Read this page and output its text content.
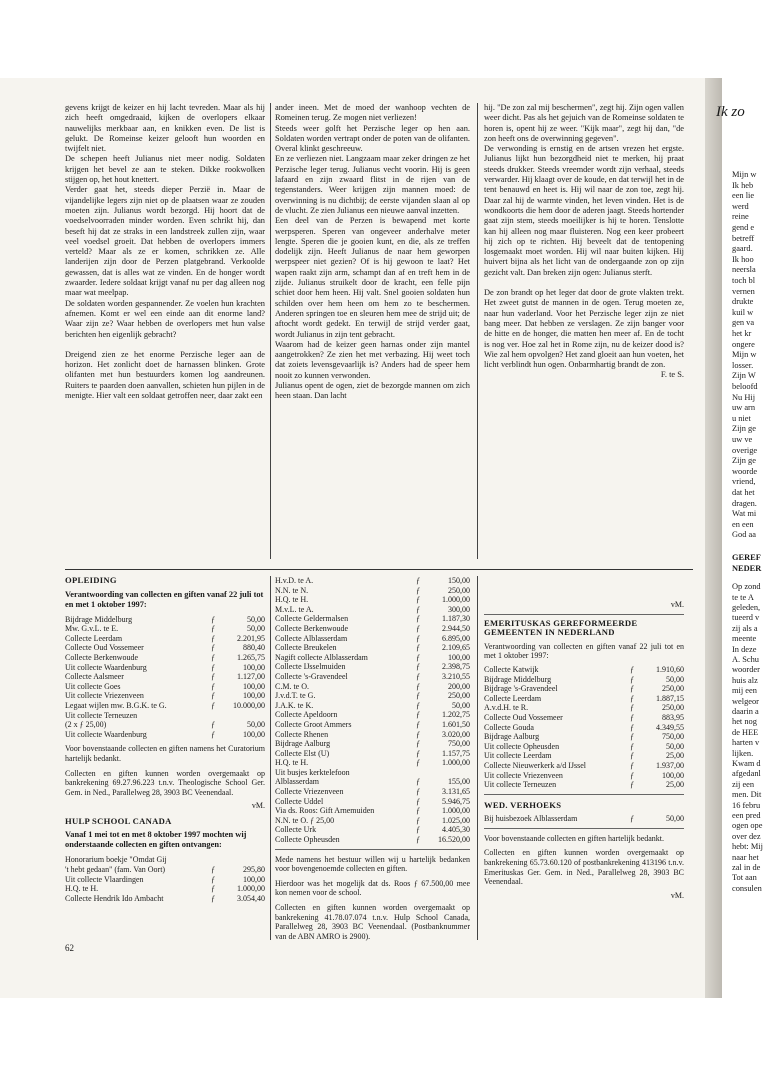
gevens krijgt de keizer en hij lacht tevreden. Maar als hij zich heeft omgedraaid, kijken de overlopers elkaar nauwelijks merkbaar aan, en knikken even. De list is gelukt. De Romeinse keizer gelooft hun woorden en twijfelt niet.

De schepen heeft Julianus niet meer nodig. Soldaten krijgen het bevel ze aan te steken. Dikke rookwolken stijgen op, het hout knettert.

Verder gaat het, steeds dieper Perzië in. Maar de vijandelijke legers zijn niet op de plaatsen waar ze zouden moeten zijn. Julianus wordt bezorgd. Hij hoort dat de voedselvoorraden minder worden. Even schrikt hij, dan beseft hij dat ze straks in een landstreek zullen zijn, waar veel voedsel groeit. Dat hebben de overlopers immers verteld? Maar als ze er komen, schrikken ze. Alle landerijen zijn door de Perzen platgebrand. Verkoolde gewassen, dat is alles wat ze vinden. En de honger wordt zwaarder. Iedere soldaat krijgt vanaf nu per dag alleen nog maar wat meelpap.

De soldaten worden gespannender. Ze voelen hun krachten afnemen. Komt er wel een einde aan dit enorme land? Waar zijn ze? Waar hebben de overlopers met hun valse berichten hen eigenlijk gebracht?

Dreigend zien ze het enorme Perzische leger aan de horizon. Het zonlicht doet de harnassen blinken. Grote olifanten met hun bestuurders komen log aandreunen. Ruiters te paarden doen aanvallen, schieten hun pijlen in de menigte. Hier valt een soldaat getroffen neer, daar zakt een

ander ineen. Met de moed der wanhoop vechten de Romeinen terug. Ze mogen niet verliezen!

Steeds weer golft het Perzische leger op hen aan. Soldaten worden vertrapt onder de poten van de olifanten. Overal klinkt geschreeuw.

En ze verliezen niet. Langzaam maar zeker dringen ze het Perzische leger terug. Julianus vecht voorin. Hij is geen lafaard en zijn zwaard flitst in de rijen van de tegenstanders. Weer krijgen zijn mannen moed: de overwinning is nu dichtbij; de eerste vijanden slaan al op de vlucht. Ze zien Julianus een nieuwe aanval inzetten.

Een deel van de Perzen is bewapend met korte werpsperen. Speren van ongeveer anderhalve meter lengte. Speren die je gooien kunt, en die, als ze treffen dodelijk zijn. Heeft Julianus de naar hem geworpen werpspeer niet gezien? Of is hij gewoon te laat? Het wapen raakt zijn arm, schampt dan af en treft hem in de zijde. Julianus struikelt door de kracht, een felle pijn schiet door hem heen. Hij valt. Snel gooien soldaten hun schilden over hem heen om hem zo te beschermen. Anderen springen toe en sleuren hem mee de strijd uit; de aftocht wordt gedekt. En terwijl de strijd verder gaat, wordt Julianus in zijn tent gebracht.

Waarom had de keizer geen harnas onder zijn mantel aangetrokken? Ze zien het met verbazing. Hij weet toch dat zoiets levensgevaarlijk is? Anders had de speer hem nooit zo kunnen verwonden.

Julianus opent de ogen, ziet de bezorgde mannen om zich heen staan. Dan lacht

hij. "De zon zal mij beschermen", zegt hij. Zijn ogen vallen weer dicht. Pas als het gejuich van de Romeinse soldaten te horen is, opent hij ze weer. "Kijk maar", zegt hij dan, "de zon heeft ons de overwinning gegeven".

De verwonding is ernstig en de artsen vrezen het ergste. Julianus lijkt hun bezorgdheid niet te merken, hij praat steeds drukker. Steeds vreemder wordt zijn verhaal, steeds verwarder. Hij klaagt over de koude, en dat terwijl het in de tent benauwd en heet is. Hij wil naar de zon toe, zegt hij. Daar zal hij de warmte vinden, het leven vinden. Het is de wondkoorts die hem door de aderen jaagt. Steeds hortender gaat zijn stem, steeds moeilijker is hij te horen. Tenslotte kan hij alleen nog maar fluisteren. Nog een keer probeert hij zich op te richten. Hij beveelt dat de tentopening losgemaakt moet worden. Hij wil naar buiten kijken. Hij huivert bijna als het licht van de ondergaande zon op zijn gezicht valt. Dan breken zijn ogen: Julianus sterft.

De zon brandt op het leger dat door de grote vlakten trekt. Het zweet gutst de mannen in de ogen. Terug moeten ze, naar hun vaderland. Voor het Perzische leger zijn ze niet bang meer. Dat hebben ze verslagen. Ze zijn banger voor de hitte en de honger, die matten hen meer af. En de tocht is nog ver. Hoe zal het in Rome zijn, nu de keizer dood is? Wie zal hem opvolgen? Het zand gloeit aan hun voeten, het licht verblindt hun ogen. Onbarmhartig brandt de zon.

F. te S.

OPLEIDING
Verantwoording van collecten en giften vanaf 22 juli tot en met 1 oktober 1997:
Bijdrage Middelburg	ƒ	50,00
Mw. G.v.L. te E.	ƒ	50,00
Collecte Leerdam	ƒ	2.201,95
Collecte Oud Vossemeer	ƒ	880,40
Collecte Berkenwoude	ƒ	1.265,75
Uit collecte Waardenburg	ƒ	100,00
Collecte Aalsmeer	ƒ	1.127,00
Uit collecte Goes	ƒ	100,00
Uit collecte Vriezenveen	ƒ	100,00
Legaat wijlen mw. B.G.K. te G.	ƒ	10.000,00
Uit collecte Terneuzen
(2 x ƒ 25,00)	ƒ	50,00
Uit collecte Waardenburg	ƒ	100,00

Voor bovenstaande collecten en giften namens het Curatorium hartelijk bedankt.

Collecten en giften kunnen worden overgemaakt op bankrekening 69.27.96.223 t.n.v. Theologische School Ger. Gem. in Ned., Parallelweg 28, 3903 BC Veenendaal.

vM.
HULP SCHOOL CANADA
Vanaf 1 mei tot en met 8 oktober 1997 mochten wij onderstaande collecten en giften ontvangen:
Honorarium boekje "Omdat Gij
't hebt gedaan" (fam. Van Oort)	ƒ	295,80
Uit collecte Vlaardingen	ƒ	100,00
H.Q. te H.	ƒ	1.000,00
Collecte Hendrik Ido Ambacht	ƒ	3.054,40
H.v.D. te A.	ƒ	150,00
N.N. te N.	ƒ	250,00
H.Q. te H.	ƒ	1.000,00
M.v.L. te A.	ƒ	300,00
Collecte Geldermalsen	ƒ	1.187,30
Collecte Berkenwoude	ƒ	2.944,50
Collecte Alblasserdam	ƒ	6.895,00
Collecte Breukelen	ƒ	2.109,65
Nagift collecte Alblasserdam	ƒ	100,00
Collecte IJsselmuiden	ƒ	2.398,75
Collecte 's-Gravendeel	ƒ	3.210,55
C.M. te O.	ƒ	200,00
J.v.d.T. te G.	ƒ	250,00
J.A.K. te K.	ƒ	50,00
Collecte Apeldoorn	ƒ	1.202,75
Collecte Groot Ammers	ƒ	1.601,50
Collecte Rhenen	ƒ	3.020,00
Bijdrage Aalburg	ƒ	750,00
Collecte Elst (U)	ƒ	1.157,75
H.Q. te H.	ƒ	1.000,00
Uit busjes kerktelefoon
Alblasserdam	ƒ	155,00
Collecte Vriezenveen	ƒ	3.131,65
Collecte Uddel	ƒ	5.946,75
Via ds. Roos: Gift Arnemuiden	ƒ	1.000,00
N.N. te O. ƒ 25,00	ƒ	1.025,00
Collecte Urk	ƒ	4.405,30
Collecte Opheusden	ƒ	16.520,00

Mede namens het bestuur willen wij u hartelijk bedanken voor bovengenoemde collecten en giften.

Hierdoor was het mogelijk dat ds. Roos ƒ 67.500,00 mee kon nemen voor de school.

Collecten en giften kunnen worden overgemaakt op bankrekening 41.78.07.074 t.n.v. Hulp School Canada, Parallelweg 28, 3903 BC Veenendaal. (Postbanknummer van de ABN AMRO is 2900).

vM.
EMERITUSKAS GEREFORMEERDE GEMEENTEN IN NEDERLAND

Verantwoording van collecten en giften vanaf 22 juli tot en met 1 oktober 1997:

Collecte Katwijk	ƒ	1.910,60
Bijdrage Middelburg	ƒ	50,00
Bijdrage 's-Gravendeel	ƒ	250,00
Collecte Leerdam	ƒ	1.887,15
A.v.d.H. te R.	ƒ	250,00
Collecte Oud Vossemeer	ƒ	883,95
Collecte Gouda	ƒ	4.349,55
Bijdrage Aalburg	ƒ	750,00
Uit collecte Opheusden	ƒ	50,00
Uit collecte Leerdam	ƒ	25,00
Collecte Nieuwerkerk a/d IJssel	ƒ	1.937,00
Uit collecte Vriezenveen	ƒ	100,00
Uit collecte Terneuzen	ƒ	25,00
WED. VERHOEKS
Bij huisbezoek Alblasserdam	ƒ	50,00

Voor bovenstaande collecten en giften hartelijk bedankt.

Collecten en giften kunnen worden overgemaakt op bankrekening 65.73.60.120 of postbankrekening 413196 t.n.v. Emerituskas Ger. Gem. in Ned., Parallelweg 28, 3903 BC Veenendaal.

vM.
62
Ik zo
Mijn w
Ik heb
een lie
werd
reine
gend e
betreff
gaard.
Ik hoo
neersla
toch bl
vernen
drukte
kuil w
gen va
het kr
ongere
Mijn w
losser.
Zijn W
beloofd
Nu Hij
uw arn
u niet
Zijn ge
uw ve
overige
Zijn ge
woorde
vriend,
dat het
dragen.
Wat mi
en een
God aa
GEREF
NEDER
Op zond
te te A
geleden,
tueerd v
zij als a
meente
In deze
A. Schu
woorder
huis alz
mij een
welgeor
daarin a
het nog
de HEE
harten v
lijken.
Kwam d
afgedanl
zij een
men. Dit
16 febru
een pred
ogen ope
over dez
hebt: Mij
naar het
zal in de
Tot aan
consulen
